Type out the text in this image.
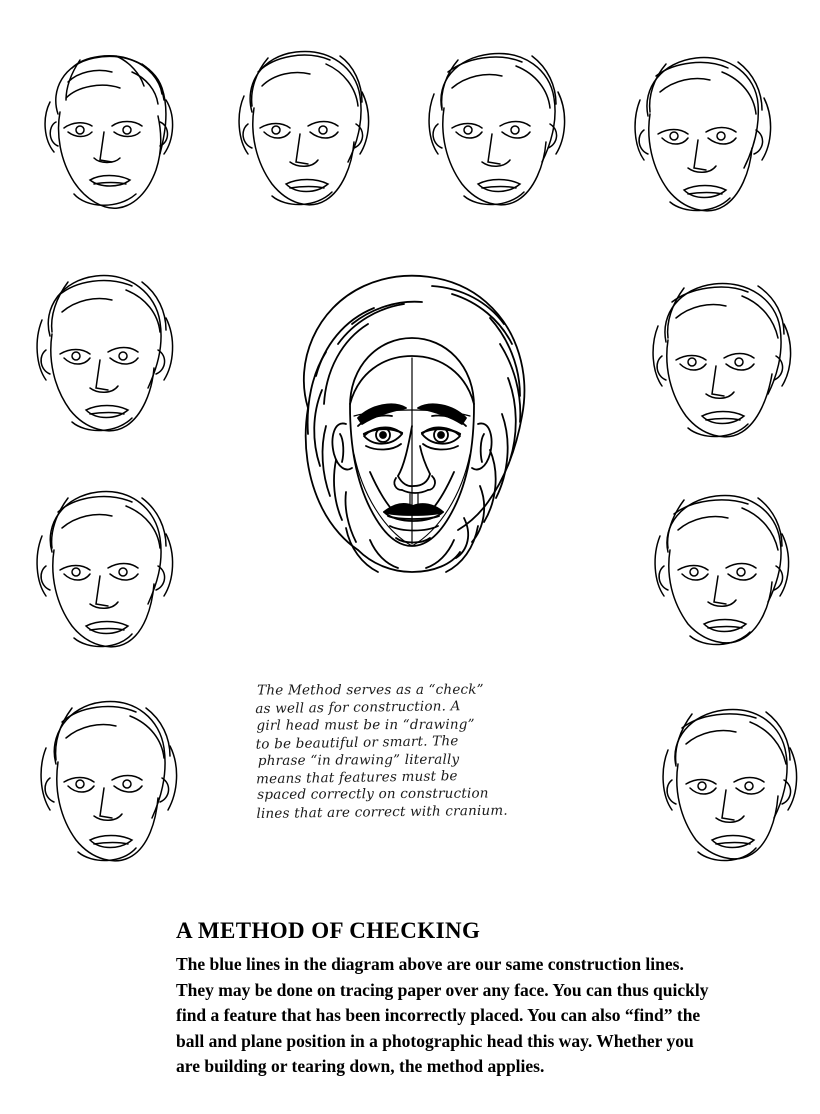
The Method serves as a “check”
as well as for construction. A
girl head must be in “drawing”
to be beautiful or smart. The
phrase “in drawing” literally
means that features must be
spaced correctly on construction
lines that are correct with cranium.
A METHOD OF CHECKING

The blue lines in the diagram above are our same construction lines.
They may be done on tracing paper over any face. You can thus quickly
find a feature that has been incorrectly placed. You can also “find” the
ball and plane position in a photographic head this way. Whether you
are building or tearing down, the method applies.
